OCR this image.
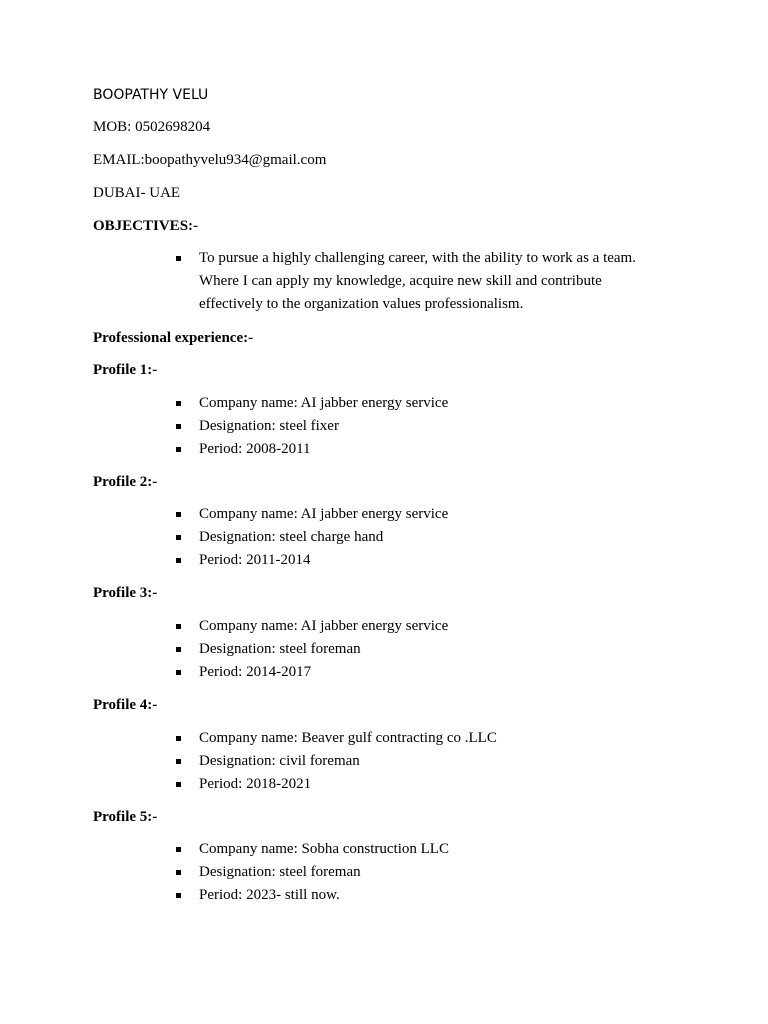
BOOPATHY VELU
MOB: 0502698204
EMAIL:boopathyvelu934@gmail.com
DUBAI- UAE
OBJECTIVES:-
To pursue a highly challenging career, with the ability to work as a team. Where I can apply my knowledge, acquire new skill and contribute effectively to the organization values professionalism.
Professional experience:-
Profile 1:-
Company name: AI jabber energy service
Designation: steel fixer
Period: 2008-2011
Profile 2:-
Company name: AI jabber energy service
Designation: steel charge hand
Period: 2011-2014
Profile 3:-
Company name: AI jabber energy service
Designation: steel foreman
Period: 2014-2017
Profile 4:-
Company name: Beaver gulf contracting co .LLC
Designation: civil foreman
Period: 2018-2021
Profile 5:-
Company name: Sobha construction LLC
Designation: steel foreman
Period: 2023- still now.
